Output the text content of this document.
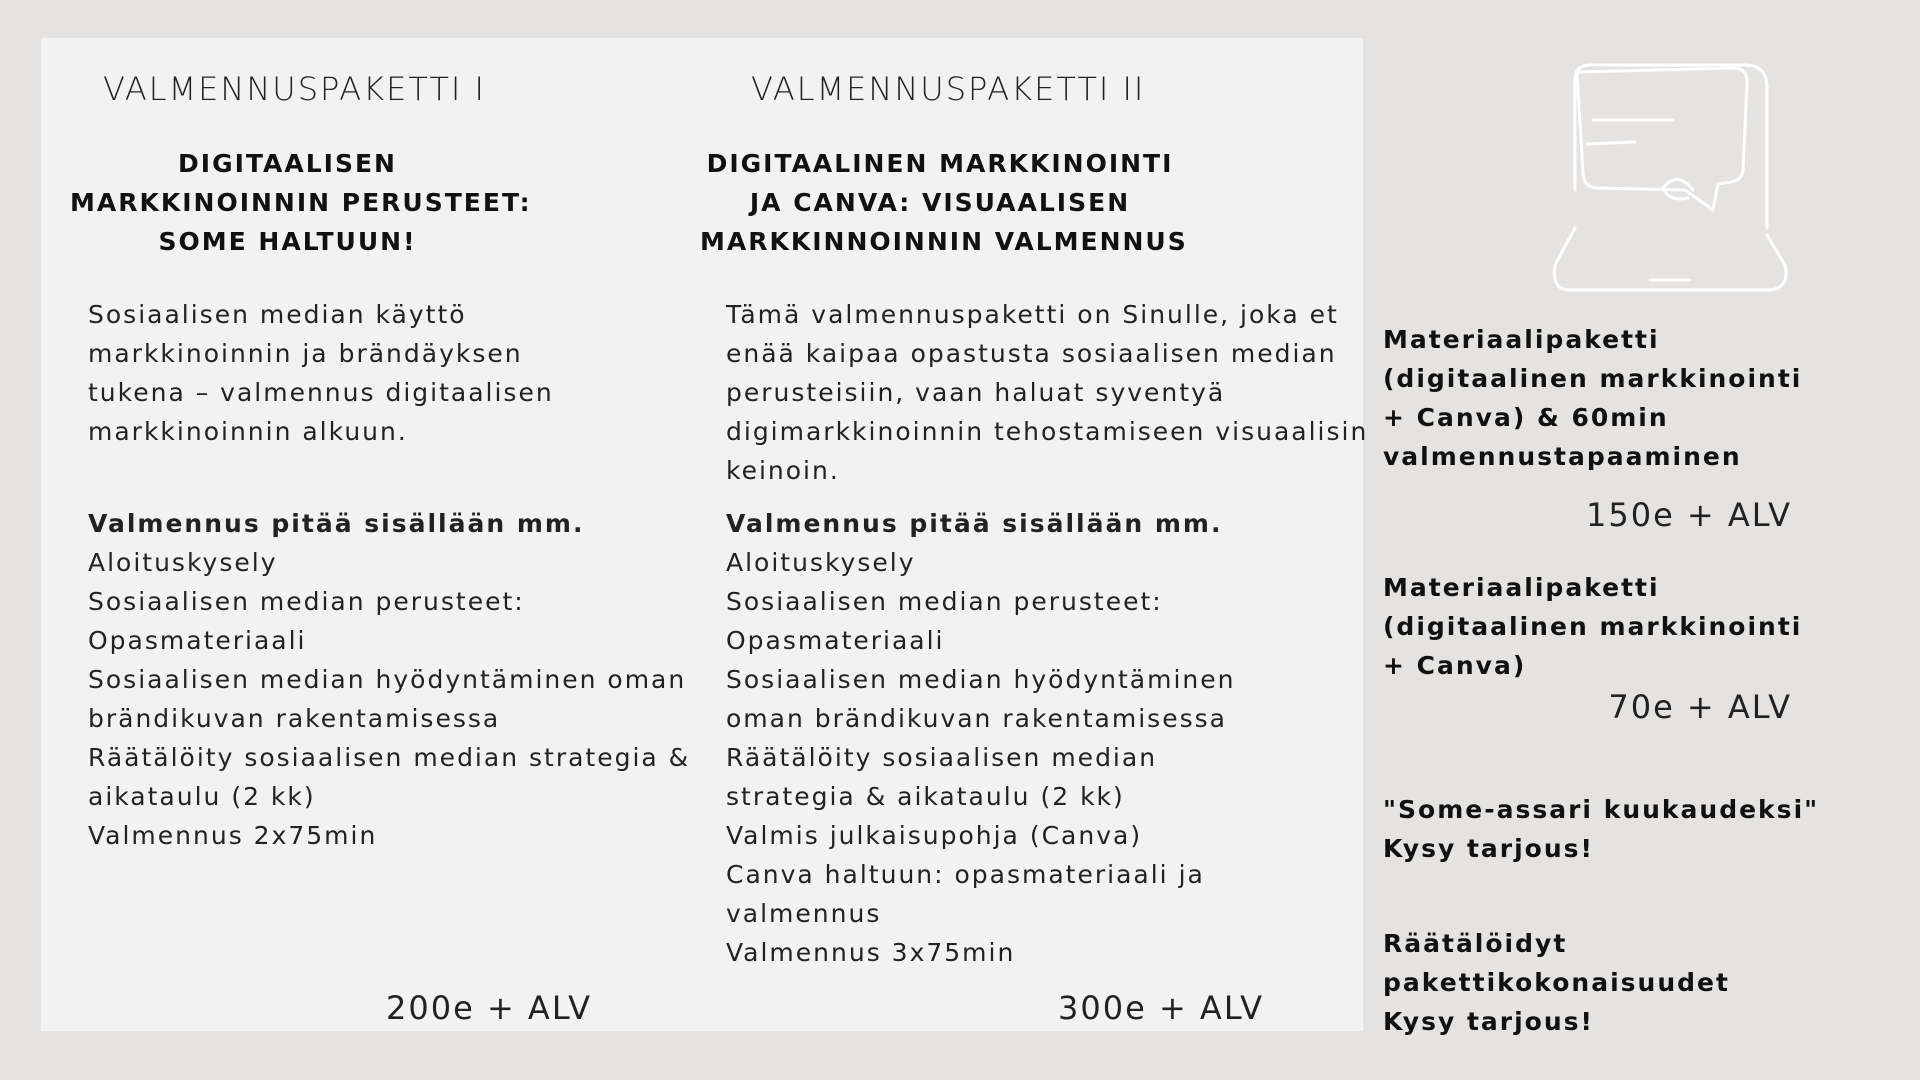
VALMENNUSPAKETTI I
DIGITAALISEN
MARKKINOINNIN PERUSTEET:
SOME HALTUUN!
Sosiaalisen median käyttö
markkinoinnin ja brändäyksen
tukena – valmennus digitaalisen
markkinoinnin alkuun.
Valmennus pitää sisällään mm.
Aloituskysely
Sosiaalisen median perusteet:
Opasmateriaali
Sosiaalisen median hyödyntäminen oman
brändikuvan rakentamisessa
Räätälöity sosiaalisen median strategia &
aikataulu (2 kk)
Valmennus 2x75min
200e + ALV
VALMENNUSPAKETTI II
DIGITAALINEN MARKKINOINTI
JA CANVA: VISUAALISEN
MARKKINNOINNIN VALMENNUS
Tämä valmennuspaketti on Sinulle, joka et
enää kaipaa opastusta sosiaalisen median
perusteisiin, vaan haluat syventyä
digimarkkinoinnin tehostamiseen visuaalisin
keinoin.
Valmennus pitää sisällään mm.
Aloituskysely
Sosiaalisen median perusteet:
Opasmateriaali
Sosiaalisen median hyödyntäminen
oman brändikuvan rakentamisessa
Räätälöity sosiaalisen median
strategia & aikataulu (2 kk)
Valmis julkaisupohja (Canva)
Canva haltuun: opasmateriaali ja
valmennus
Valmennus 3x75min
300e + ALV
Materiaalipaketti
(digitaalinen markkinointi
+ Canva) & 60min
valmennustapaaminen
150e + ALV
Materiaalipaketti
(digitaalinen markkinointi
+ Canva)
70e + ALV
"Some-assari kuukaudeksi"
Kysy tarjous!
Räätälöidyt
pakettikokonaisuudet
Kysy tarjous!
